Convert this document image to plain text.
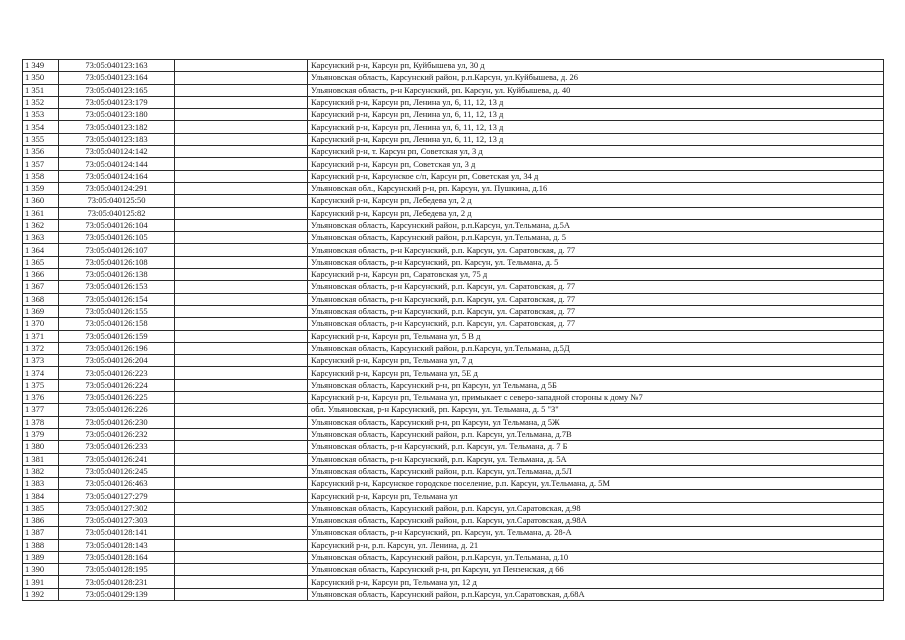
1 349	73:05:040123:163		Карсунский р-н, Карсун рп, Куйбышева ул, 30 д
1 350	73:05:040123:164		Ульяновская область, Карсунский район, р.п.Карсун, ул.Куйбышева, д. 26
1 351	73:05:040123:165		Ульяновская область, р-н Карсунский, рп. Карсун, ул. Куйбышева, д. 40
1 352	73:05:040123:179		Карсунский р-н, Карсун рп, Ленина ул, 6, 11, 12, 13 д
1 353	73:05:040123:180		Карсунский р-н, Карсун рп, Ленина ул, 6, 11, 12, 13 д
1 354	73:05:040123:182		Карсунский р-н, Карсун рп, Ленина ул, 6, 11, 12, 13 д
1 355	73:05:040123:183		Карсунский р-н, Карсун рп, Ленина ул, 6, 11, 12, 13 д
1 356	73:05:040124:142		Карсунский р-н, т. Карсун рп, Советская ул, 3 д
1 357	73:05:040124:144		Карсунский р-н, Карсун рп, Советская ул, 3 д
1 358	73:05:040124:164		Карсунский р-н, Карсунское с/п, Карсун рп, Советская ул, 34 д
1 359	73:05:040124:291		Ульяновская обл., Карсунский р-н, рп. Карсун, ул. Пушкина, д.16
1 360	73:05:040125:50		Карсунский р-н, Карсун рп, Лебедева ул, 2 д
1 361	73:05:040125:82		Карсунский р-н, Карсун рп, Лебедева ул, 2 д
1 362	73:05:040126:104		Ульяновская область, Карсунский район, р.п.Карсун, ул.Тельмана, д.5А
1 363	73:05:040126:105		Ульяновская область, Карсунский район, р.п.Карсун, ул.Тельмана, д. 5
1 364	73:05:040126:107		Ульяновская область, р-н Карсунский, р.п. Карсун, ул. Саратовская, д. 77
1 365	73:05:040126:108		Ульяновская область, р-н Карсунский, рп. Карсун, ул. Тельмана, д. 5
1 366	73:05:040126:138		Карсунский р-н, Карсун рп, Саратовская ул, 75 д
1 367	73:05:040126:153		Ульяновская область, р-н Карсунский, р.п. Карсун, ул. Саратовская, д. 77
1 368	73:05:040126:154		Ульяновская область, р-н Карсунский, р.п. Карсун, ул. Саратовская, д. 77
1 369	73:05:040126:155		Ульяновская область, р-н Карсунский, р.п. Карсун, ул. Саратовская, д. 77
1 370	73:05:040126:158		Ульяновская область, р-н Карсунский, р.п. Карсун, ул. Саратовская, д. 77
1 371	73:05:040126:159		Карсунский р-н, Карсун рп, Тельмана ул, 5 В д
1 372	73:05:040126:196		Ульяновская область, Карсунский район, р.п.Карсун, ул.Тельмана, д.5Д
1 373	73:05:040126:204		Карсунский р-н, Карсун рп, Тельмана ул, 7 д
1 374	73:05:040126:223		Карсунский р-н, Карсун рп, Тельмана ул, 5Е д
1 375	73:05:040126:224		Ульяновская область, Карсунский р-н, рп Карсун, ул Тельмана, д 5Б
1 376	73:05:040126:225		Карсунский р-н, Карсун рп, Тельмана ул, примыкает с северо-западной стороны к дому №7
1 377	73:05:040126:226		обл. Ульяновская, р-н Карсунский, рп. Карсун, ул. Тельмана, д. 5 "З"
1 378	73:05:040126:230		Ульяновская область, Карсунский р-н, рп Карсун, ул Тельмана, д 5Ж
1 379	73:05:040126:232		Ульяновская область, Карсунский район, р.п. Карсун, ул.Тельмана, д.7В
1 380	73:05:040126:233		Ульяновская область, р-н Карсунский, р.п. Карсун, ул. Тельмана, д. 7 Б
1 381	73:05:040126:241		Ульяновская область, р-н Карсунский, р.п. Карсун, ул. Тельмана, д. 5А
1 382	73:05:040126:245		Ульяновская область, Карсунский район, р.п. Карсун, ул.Тельмана, д.5Л
1 383	73:05:040126:463		Карсунский р-н, Карсунское городское поселение, р.п. Карсун, ул.Тельмана, д. 5М
1 384	73:05:040127:279		Карсунский р-н, Карсун рп, Тельмана ул
1 385	73:05:040127:302		Ульяновская область, Карсунский район, р.п. Карсун, ул.Саратовская, д.98
1 386	73:05:040127:303		Ульяновская область, Карсунский район, р.п. Карсун, ул.Саратовская, д.98А
1 387	73:05:040128:141		Ульяновская область, р-н Карсунский, рп. Карсун, ул. Тельмана, д. 28-А
1 388	73:05:040128:143		Карсунский р-н, р.п. Карсун, ул. Ленина, д. 21
1 389	73:05:040128:164		Ульяновская область, Карсунский район, р.п.Карсун, ул.Тельмана, д.10
1 390	73:05:040128:195		Ульяновская область, Карсунский р-н, рп Карсун, ул Пензенская, д 66
1 391	73:05:040128:231		Карсунский р-н, Карсун рп, Тельмана ул, 12 д
1 392	73:05:040129:139		Ульяновская область, Карсунский район, р.п.Карсун, ул.Саратовская, д.68А
